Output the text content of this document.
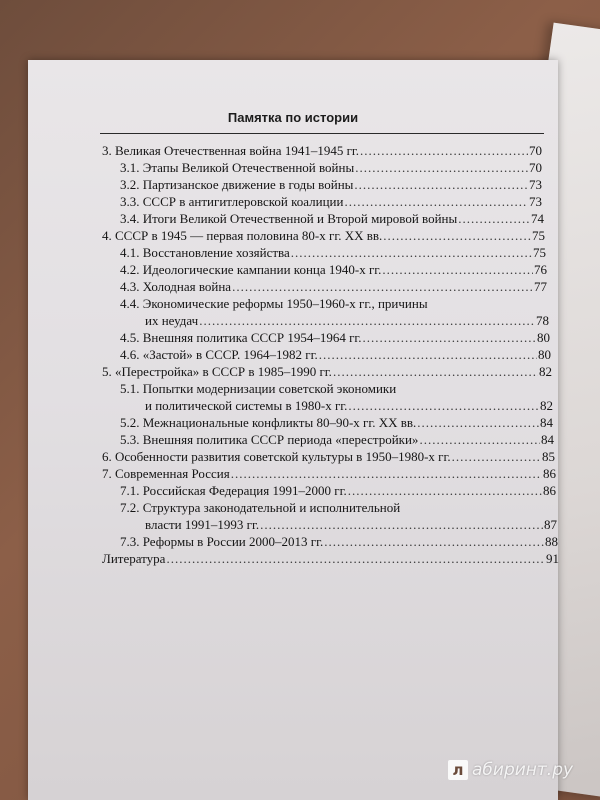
Памятка по истории
3. Великая Отечественная война 1941–1945 гг. .....	70
3.1. Этапы Великой Отечественной войны .....	70
3.2. Партизанское движение в годы войны .....	73
3.3. СССР в антигитлеровской коалиции .....	73
3.4. Итоги Великой Отечественной и Второй мировой войны .....	74
4. СССР в 1945 — первая половина 80-х гг. XX вв. .....	75
4.1. Восстановление хозяйства .....	75
4.2. Идеологические кампании конца 1940-х гг. .....	76
4.3. Холодная война .....	77
4.4. Экономические реформы 1950–1960-х гг., причины
их неудач .....	78
4.5. Внешняя политика СССР 1954–1964 гг. .....	80
4.6. «Застой» в СССР. 1964–1982 гг. .....	80
5. «Перестройка» в СССР в 1985–1990 гг. .....	82
5.1. Попытки модернизации советской экономики
и политической системы в 1980-х гг. .....	82
5.2. Межнациональные конфликты 80–90-х гг. XX вв. .....	84
5.3. Внешняя политика СССР периода «перестройки» .....	84
6. Особенности развития советской культуры в 1950–1980-х гг. .....	85
7. Современная Россия .....	86
7.1. Российская Федерация 1991–2000 гг. .....	86
7.2. Структура законодательной и исполнительной
власти 1991–1993 гг. .....	87
7.3. Реформы в России 2000–2013 гг. .....	88
Литература .....	91
л абиринт.ру
